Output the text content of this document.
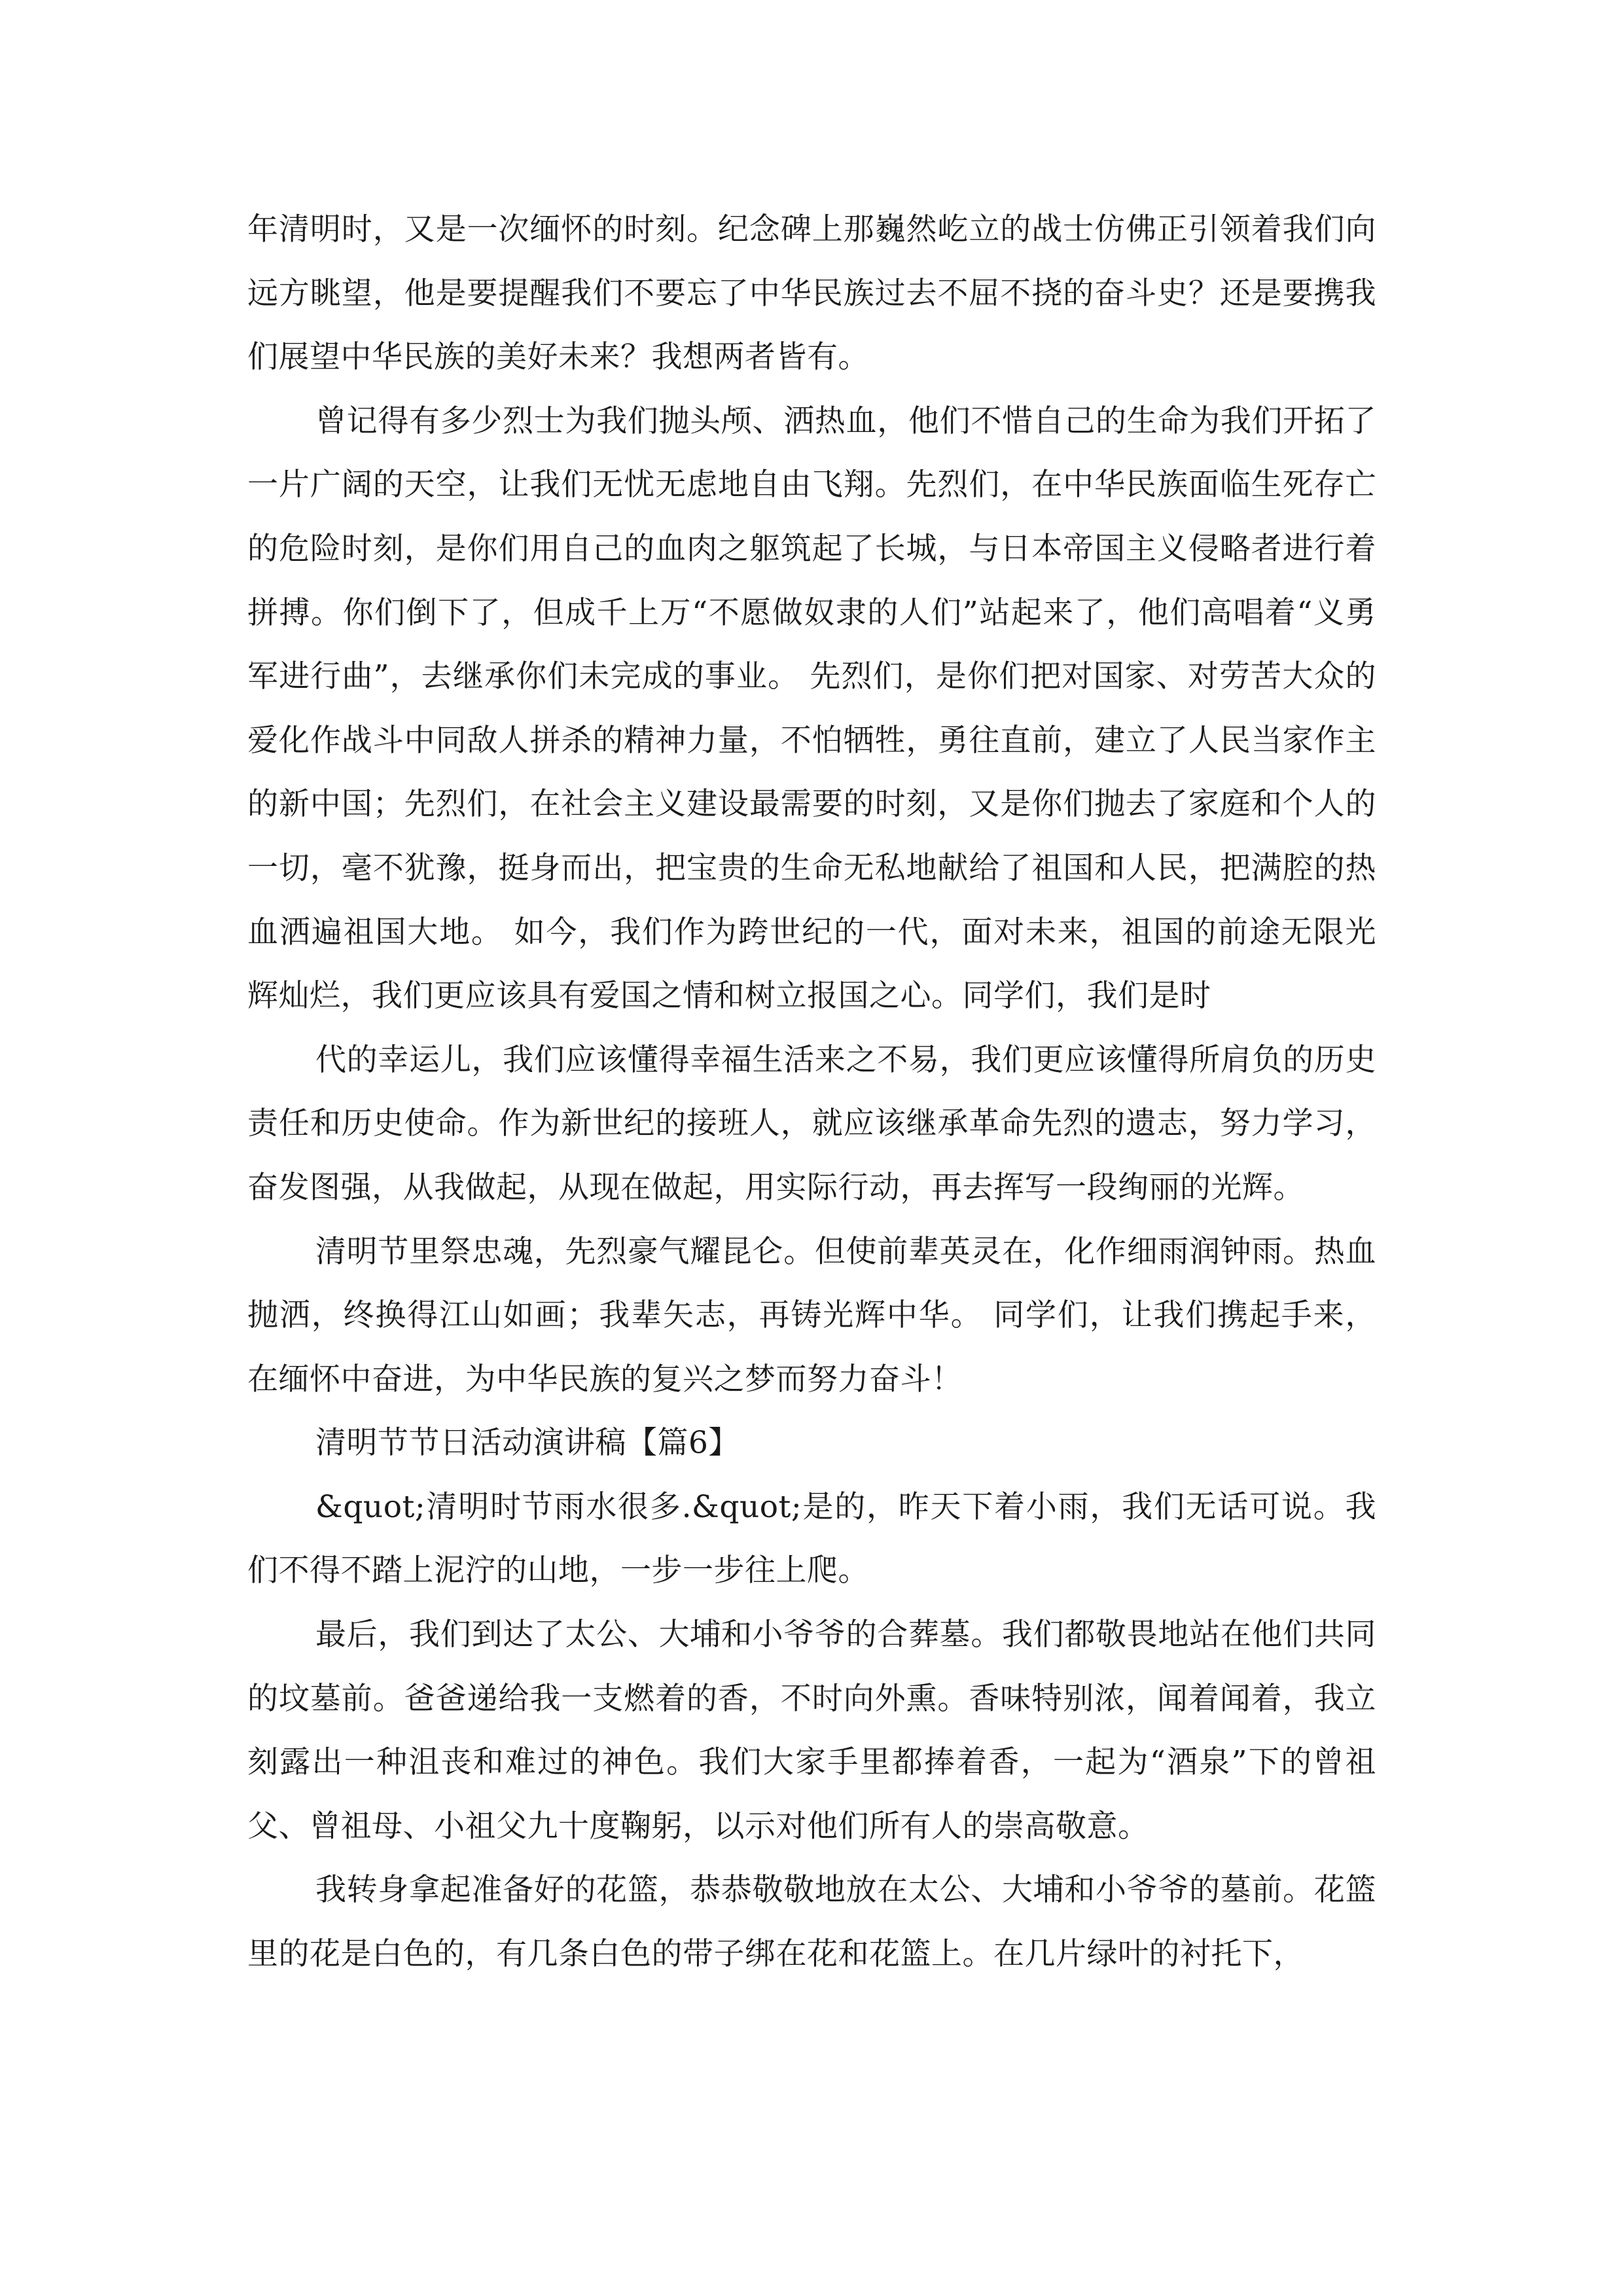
年清明时，又是一次缅怀的时刻。纪念碑上那巍然屹立的战士仿佛正引领着我们向远方眺望，他是要提醒我们不要忘了中华民族过去不屈不挠的奋斗史？还是要携我们展望中华民族的美好未来？我想两者皆有。

曾记得有多少烈士为我们抛头颅、洒热血，他们不惜自己的生命为我们开拓了一片广阔的天空，让我们无忧无虑地自由飞翔。先烈们，在中华民族面临生死存亡的危险时刻，是你们用自己的血肉之躯筑起了长城，与日本帝国主义侵略者进行着拼搏。你们倒下了，但成千上万“不愿做奴隶的人们”站起来了，他们高唱着“义勇军进行曲”，去继承你们未完成的事业。 先烈们，是你们把对国家、对劳苦大众的爱化作战斗中同敌人拼杀的精神力量，不怕牺牲，勇往直前，建立了人民当家作主的新中国；先烈们，在社会主义建设最需要的时刻，又是你们抛去了家庭和个人的一切，毫不犹豫，挺身而出，把宝贵的生命无私地献给了祖国和人民，把满腔的热血洒遍祖国大地。 如今，我们作为跨世纪的一代，面对未来，祖国的前途无限光辉灿烂，我们更应该具有爱国之情和树立报国之心。同学们，我们是时

代的幸运儿，我们应该懂得幸福生活来之不易，我们更应该懂得所肩负的历史责任和历史使命。作为新世纪的接班人，就应该继承革命先烈的遗志，努力学习，奋发图强，从我做起，从现在做起，用实际行动，再去挥写一段绚丽的光辉。

清明节里祭忠魂，先烈豪气耀昆仑。但使前辈英灵在，化作细雨润钟雨。热血抛洒，终换得江山如画；我辈矢志，再铸光辉中华。 同学们，让我们携起手来，在缅怀中奋进，为中华民族的复兴之梦而努力奋斗！

清明节节日活动演讲稿【篇6】

&quot;清明时节雨水很多.&quot;是的，昨天下着小雨，我们无话可说。我们不得不踏上泥泞的山地，一步一步往上爬。

最后，我们到达了太公、大埔和小爷爷的合葬墓。我们都敬畏地站在他们共同的坟墓前。爸爸递给我一支燃着的香，不时向外熏。香味特别浓，闻着闻着，我立刻露出一种沮丧和难过的神色。我们大家手里都捧着香，一起为“酒泉”下的曾祖父、曾祖母、小祖父九十度鞠躬，以示对他们所有人的崇高敬意。

我转身拿起准备好的花篮，恭恭敬敬地放在太公、大埔和小爷爷的墓前。花篮里的花是白色的，有几条白色的带子绑在花和花篮上。在几片绿叶的衬托下，
